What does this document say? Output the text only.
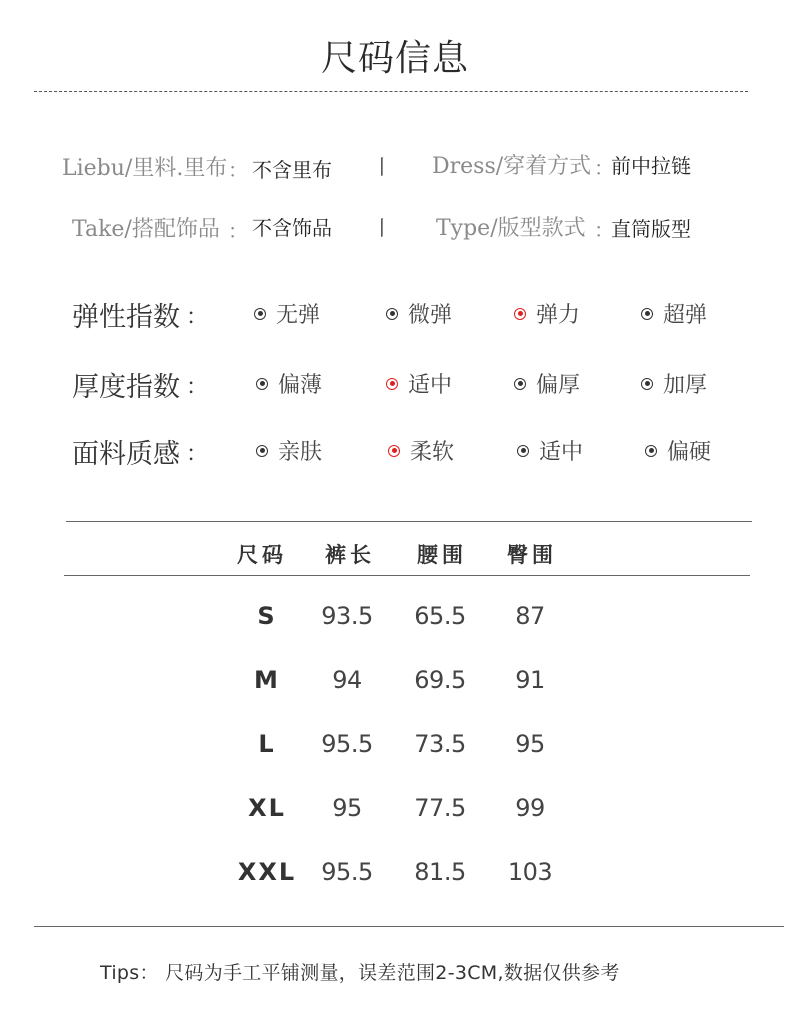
尺码信息
Liebu/里料.里布 ： 不含里布 丨 Dress/穿着方式 ：
前中拉链
Take/搭配饰品 ： 不含饰品 丨 Type/版型款式 ：
直筒版型
弹性指数 ：	无弹	微弹	弹力	超弹
厚度指数 ：	偏薄	适中	偏厚	加厚
面料质感 ：	亲肤	柔软	适中	偏硬
尺码	裤长	腰围	臀围
S	93.5	65.5	87
M	94	69.5	91
L	95.5	73.5	95
XL	95	77.5	99
XXL	95.5	81.5	103
Tips： 尺码为手工平铺测量，误差范围2-3CM,数据仅供参考
